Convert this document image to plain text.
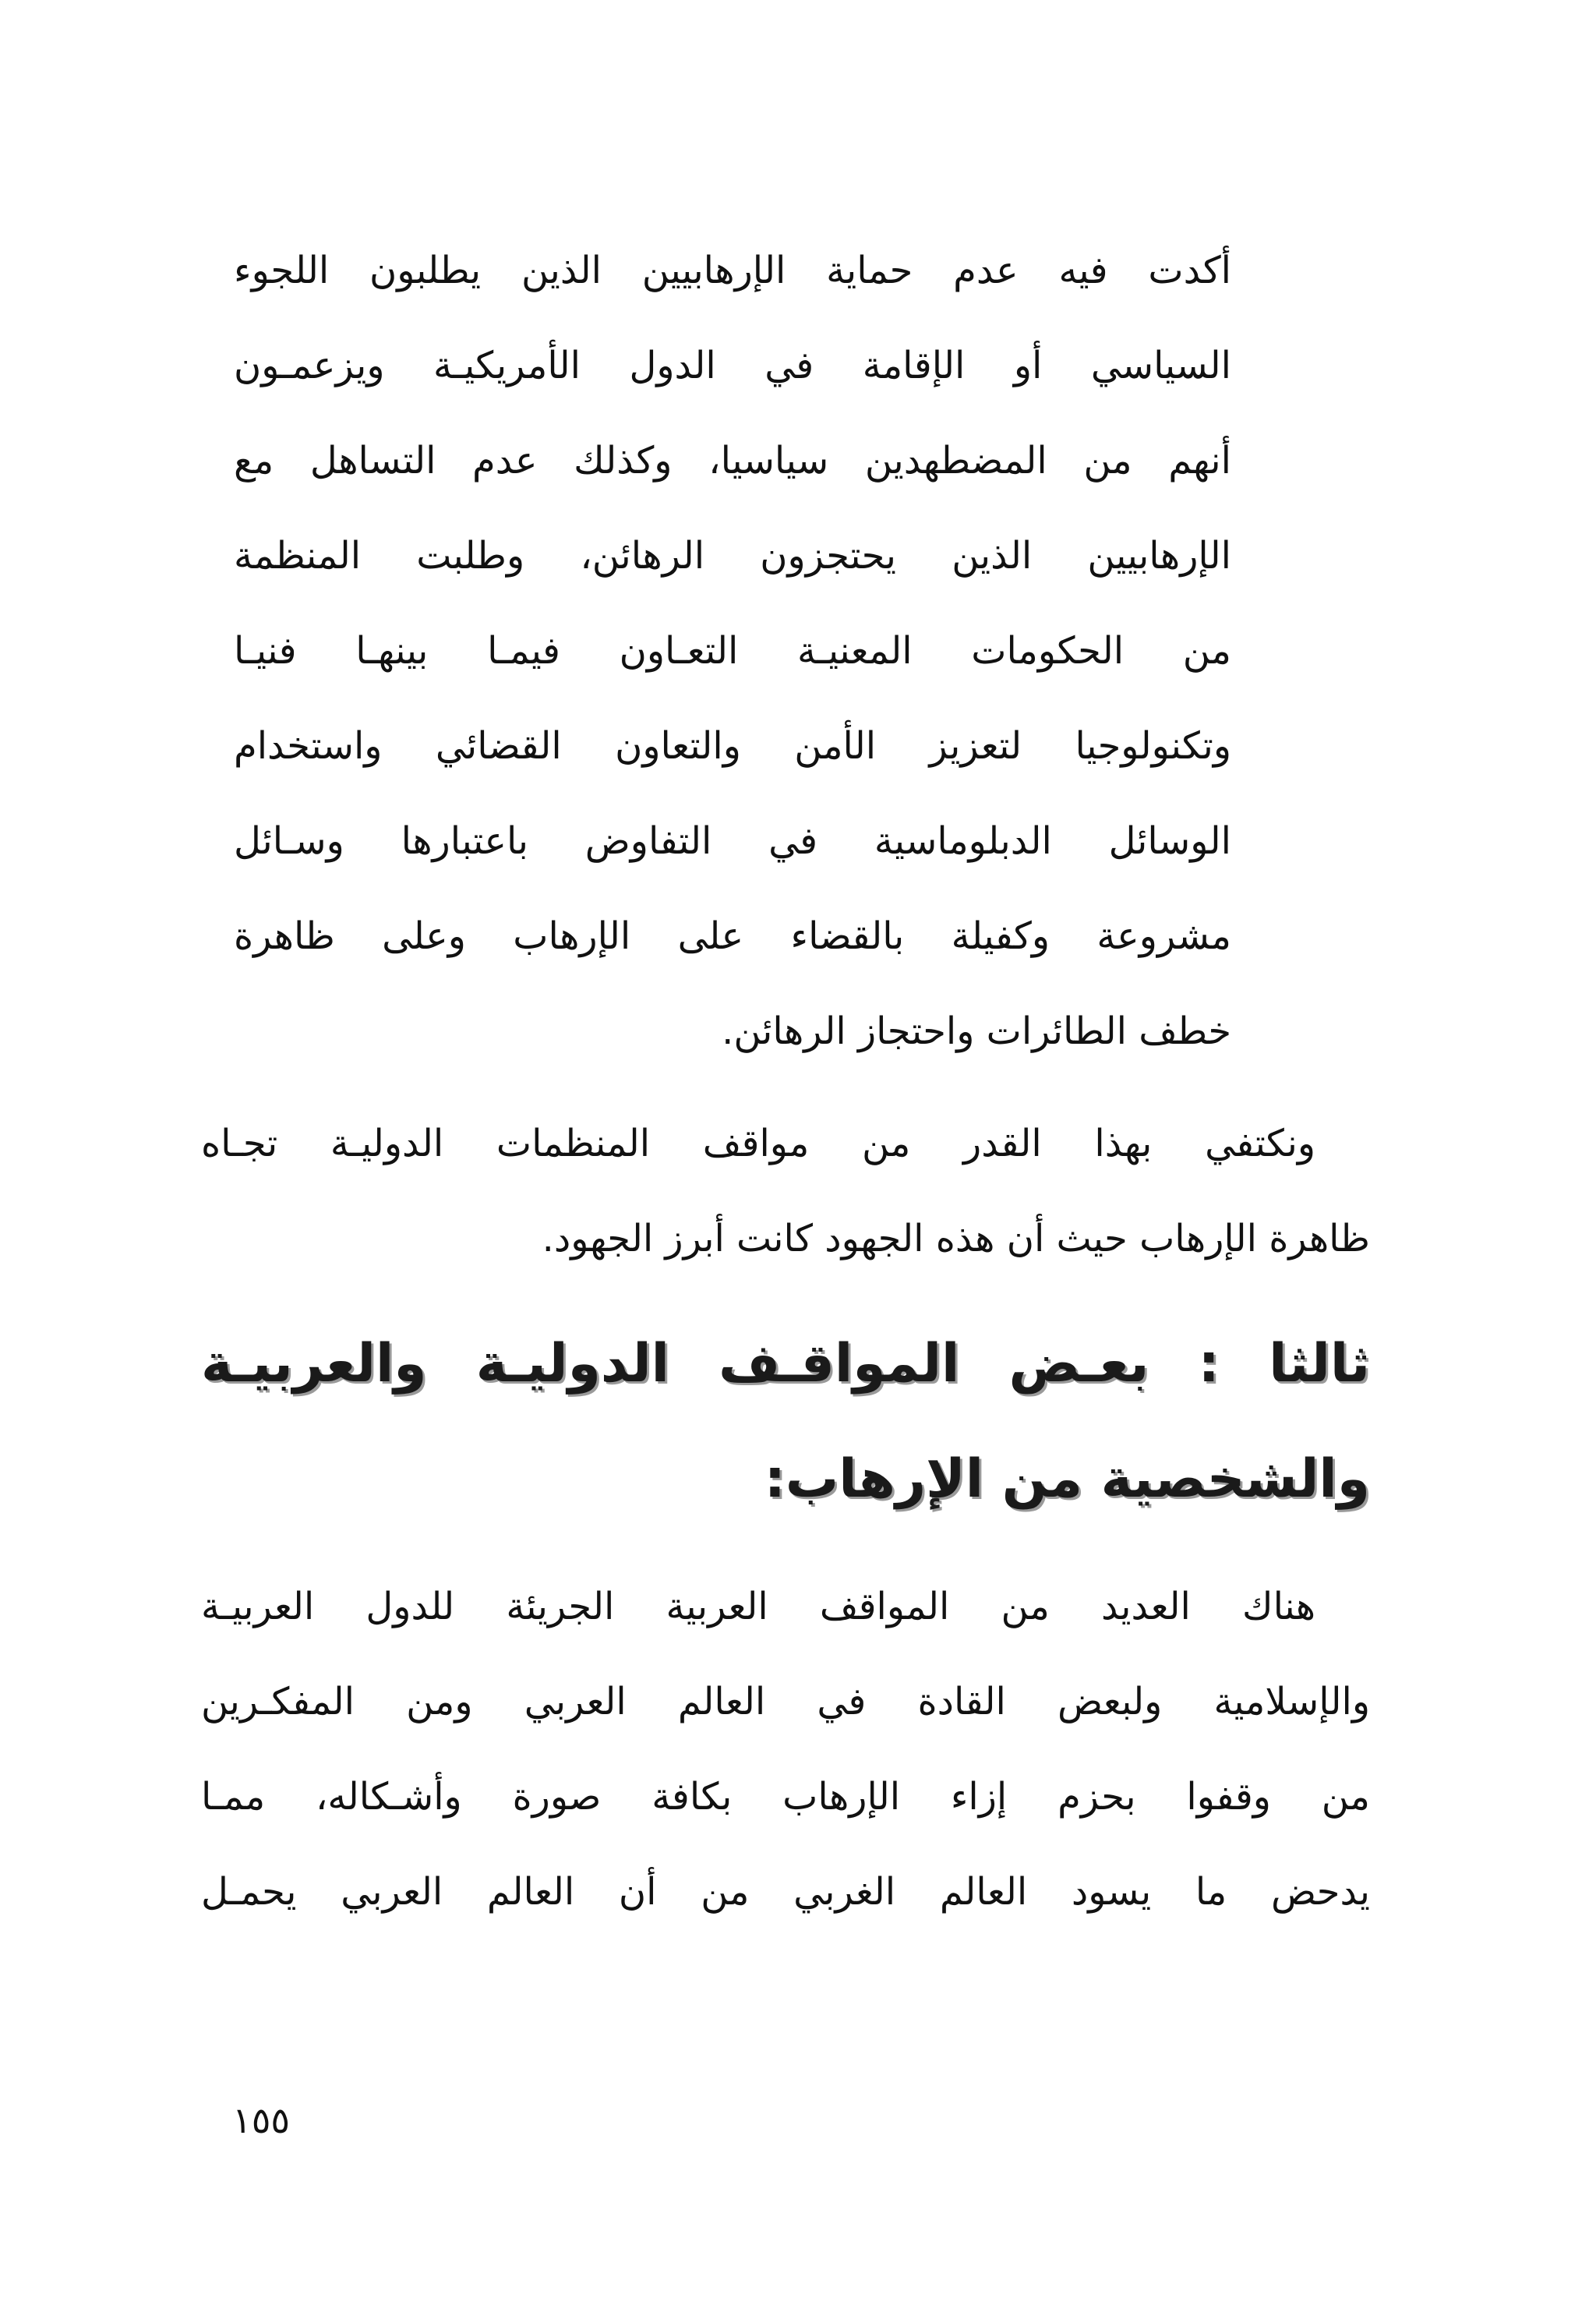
أكدت فيه عدم حماية الإرهابيين الذين يطلبون اللجوء
السياسي أو الإقامة في الدول الأمريكيـة ويزعمـون
أنهم من المضطهدين سياسيا، وكذلك عدم التساهل مع
الإرهابيين الذين يحتجزون الرهائن، وطلبت المنظمة
من الحكومات المعنيـة التعـاون فيمـا بينهـا فنيـا
وتكنولوجيا لتعزيز الأمن والتعاون القضائي واستخدام
الوسائل الدبلوماسية في التفاوض باعتبارها وسـائل
مشروعة وكفيلة بالقضاء على الإرهاب وعلى ظاهرة
خطف الطائرات واحتجاز الرهائن.
ونكتفي بهذا القدر من مواقف المنظمات الدوليـة تجـاه
ظاهرة الإرهاب حيث أن هذه الجهود كانت أبرز الجهود.
ثالثا : بعـض المواقـف الدوليـة والعربيـة
والشخصية من الإرهاب:
هناك العديد من المواقف العربية الجريئة للدول العربيـة
والإسلامية ولبعض القادة في العالم العربي ومن المفكـرين
من وقفوا بحزم إزاء الإرهاب بكافة صورة وأشـكاله، ممـا
يدحض ما يسود العالم الغربي من أن العالم العربي يحمـل
١٥٥
